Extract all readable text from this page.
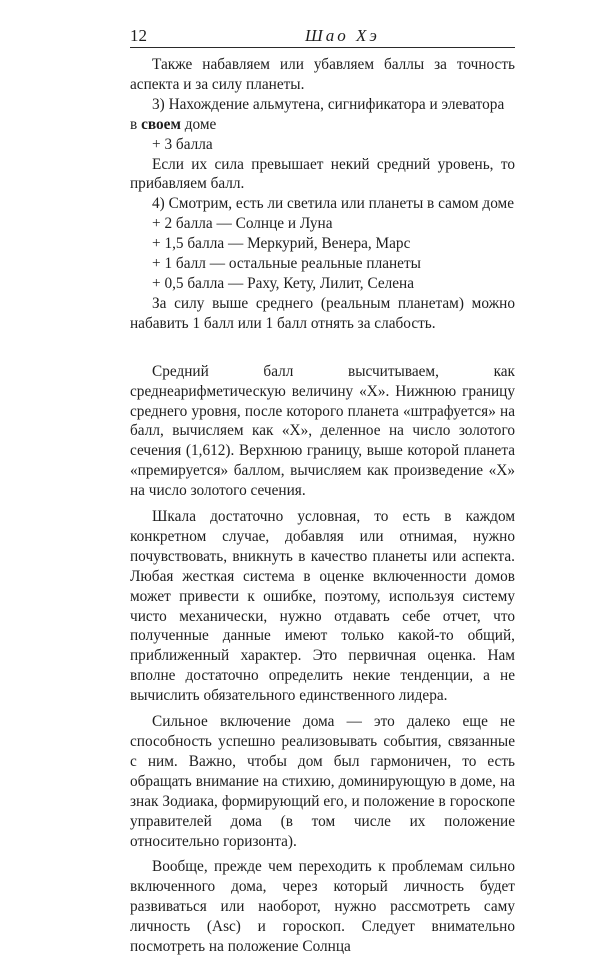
12	Шао Хэ

Также набавляем или убавляем баллы за точность аспекта и за силу планеты.

3) Нахождение альмутена, сигнификатора и элеватора в своем доме

+ 3 балла

Если их сила превышает некий средний уровень, то прибавляем балл.

4) Смотрим, есть ли светила или планеты в самом доме

+ 2 балла — Солнце и Луна

+ 1,5 балла — Меркурий, Венера, Марс

+ 1 балл — остальные реальные планеты

+ 0,5 балла — Раху, Кету, Лилит, Селена

За силу выше среднего (реальным планетам) можно набавить 1 балл или 1 балл отнять за слабость.

Средний балл высчитываем, как среднеарифметическую величину «Х». Нижнюю границу среднего уровня, после которого планета «штрафуется» на балл, вычисляем как «Х», деленное на число золотого сечения (1,612). Верхнюю границу, выше которой планета «премируется» баллом, вычисляем как произведение «Х» на число золотого сечения.

Шкала достаточно условная, то есть в каждом конкретном случае, добавляя или отнимая, нужно почувствовать, вникнуть в качество планеты или аспекта. Любая жесткая система в оценке включенности домов может привести к ошибке, поэтому, используя систему чисто механически, нужно отдавать себе отчет, что полученные данные имеют только какой-то общий, приближенный характер. Это первичная оценка. Нам вполне достаточно определить некие тенденции, а не вычислить обязательного единственного лидера.

Сильное включение дома — это далеко еще не способность успешно реализовывать события, связанные с ним. Важно, чтобы дом был гармоничен, то есть обращать внимание на стихию, доминирующую в доме, на знак Зодиака, формирующий его, и положение в гороскопе управителей дома (в том числе их положение относительно горизонта).

Вообще, прежде чем переходить к проблемам сильно включенного дома, через который личность будет развиваться или наоборот, нужно рассмотреть саму личность (Asc) и гороскоп. Следует внимательно посмотреть на положение Солнца
